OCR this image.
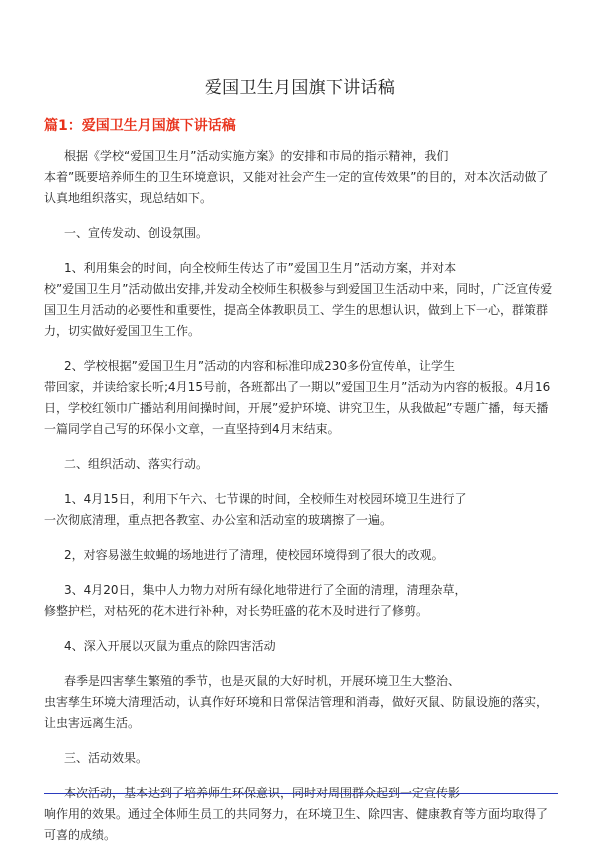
爱国卫生月国旗下讲话稿
篇1：爱国卫生月国旗下讲话稿

根据《学校“爱国卫生月”活动实施方案》的安排和市局的指示精神，我们
本着”既要培养师生的卫生环境意识，又能对社会产生一定的宣传效果”的目的，对本次活动做了认真地组织落实，现总结如下。

一、宣传发动、创设氛围。

1、利用集会的时间，向全校师生传达了市”爱国卫生月”活动方案，并对本
校”爱国卫生月”活动做出安排,并发动全校师生积极参与到爱国卫生活动中来，同时，广泛宣传爱国卫生月活动的必要性和重要性，提高全体教职员工、学生的思想认识，做到上下一心，群策群力，切实做好爱国卫生工作。

2、学校根据”爱国卫生月”活动的内容和标准印成230多份宣传单，让学生
带回家，并读给家长听;4月15号前，各班都出了一期以”爱国卫生月”活动为内容的板报。4月16日，学校红领巾广播站利用间操时间，开展”爱护环境、讲究卫生，从我做起”专题广播，每天播一篇同学自己写的环保小文章，一直坚持到4月末结束。

二、组织活动、落实行动。

1、4月15日，利用下午六、七节课的时间，全校师生对校园环境卫生进行了
一次彻底清理，重点把各教室、办公室和活动室的玻璃擦了一遍。

2，对容易滋生蚊蝇的场地进行了清理，使校园环境得到了很大的改观。

3、4月20日，集中人力物力对所有绿化地带进行了全面的清理，清理杂草，
修整护栏，对枯死的花木进行补种，对长势旺盛的花木及时进行了修剪。

4、深入开展以灭鼠为重点的除四害活动

春季是四害孳生繁殖的季节，也是灭鼠的大好时机，开展环境卫生大整治、
虫害孳生环境大清理活动，认真作好环境和日常保洁管理和消毒，做好灭鼠、防鼠设施的落实，让虫害远离生活。

三、活动效果。

本次活动，基本达到了培养师生环保意识，同时对周围群众起到一定宣传影
响作用的效果。通过全体师生员工的共同努力，在环境卫生、除四害、健康教育等方面均取得了可喜的成绩。
